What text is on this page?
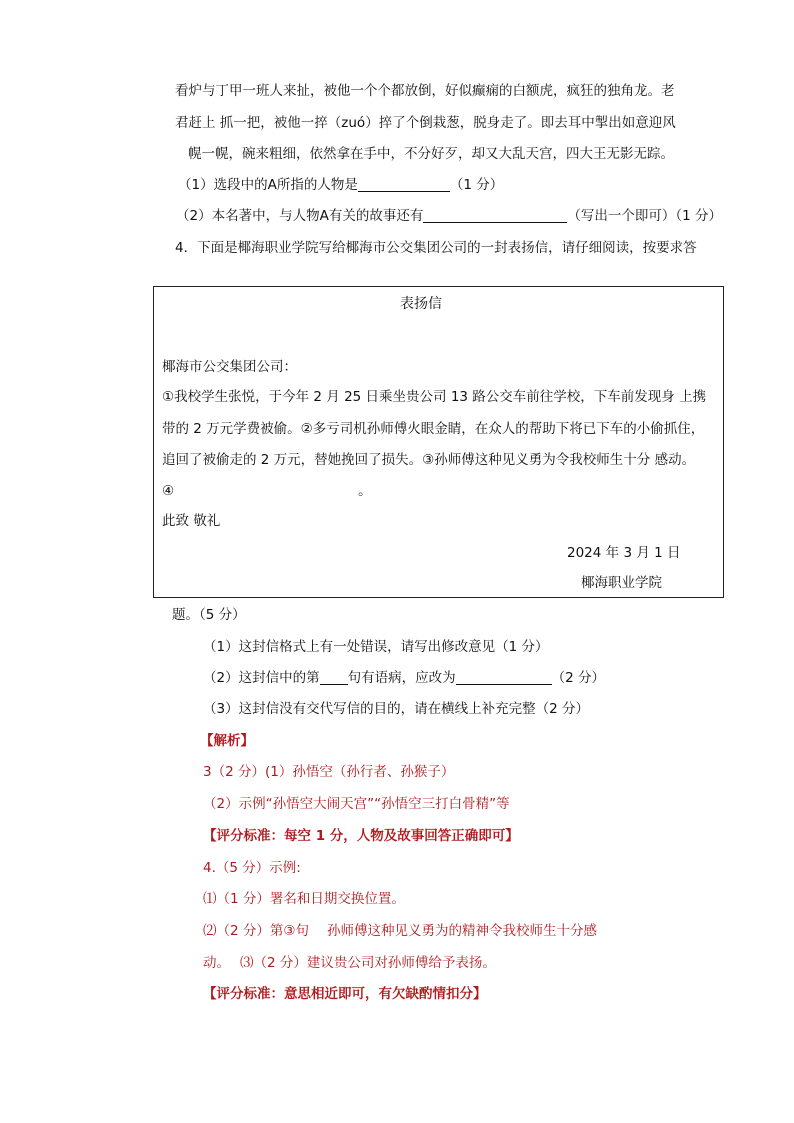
看炉与丁甲一班人来扯，被他一个个都放倒，好似癫痫的白额虎，疯狂的独角龙。老
君赶上 抓一把，被他一捽（zuó）捽了个倒栽葱，脱身走了。即去耳中掣出如意迎风
幌一幌，碗来粗细，依然拿在手中，不分好歹，却又大乱天宫，四大王无影无踪。
（1）选段中的A所指的人物是	（1 分）
（2）本名著中，与人物A有关的故事还有	（写出一个即可）（1 分）
4．下面是椰海职业学院写给椰海市公交集团公司的一封表扬信，请仔细阅读，按要求答
表扬信
椰海市公交集团公司：
①我校学生张悦，于今年 2 月 25 日乘坐贵公司 13 路公交车前往学校，下车前发现身 上携
带的 2 万元学费被偷。②多亏司机孙师傅火眼金睛，在众人的帮助下将已下车的小偷抓住，
追回了被偷走的 2 万元，替她挽回了损失。③孙师傅这种见义勇为令我校师生十分 感动。
④	。
此致 敬礼
2024 年 3 月 1 日
椰海职业学院
题。（5 分）
（1）这封信格式上有一处错误，请写出修改意见（1 分）
（2）这封信中的第 句有语病，应改为	（2 分）
（3）这封信没有交代写信的目的，请在横线上补充完整（2 分）
【解析】
3（2 分）(1）孙悟空（孙行者、孙猴子）
（2）示例“孙悟空大闹天宫”“孙悟空三打白骨精”等
【评分标准：每空 1 分，人物及故事回答正确即可】
4.（5 分）示例:
⑴（1 分）署名和日期交换位置。
⑵（2 分）第③句 孙师傅这种见义勇为的精神令我校师生十分感
动。 ⑶（2 分）建议贵公司对孙师傅给予表扬。
【评分标准：意思相近即可，有欠缺酌情扣分】
